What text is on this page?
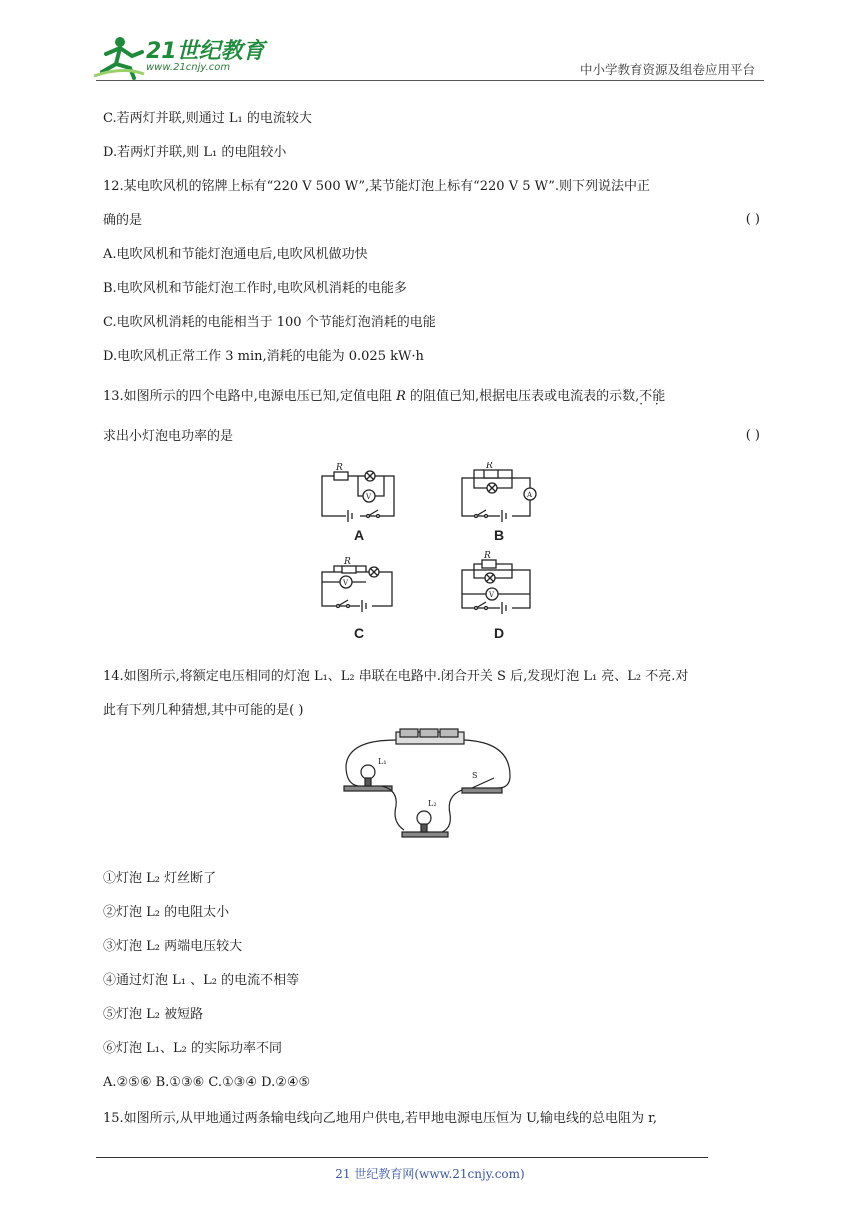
21世纪教育
www.21cnjy.com	中小学教育资源及组卷应用平台
C.若两灯并联,则通过 L₁ 的电流较大
D.若两灯并联,则 L₁ 的电阻较小
12.某电吹风机的铭牌上标有“220 V 500 W”,某节能灯泡上标有“220 V 5 W”.则下列说法中正
确的是	( )
A.电吹风机和节能灯泡通电后,电吹风机做功快
B.电吹风机和节能灯泡工作时,电吹风机消耗的电能多
C.电吹风机消耗的电能相当于 100 个节能灯泡消耗的电能
D.电吹风机正常工作 3 min,消耗的电能为 0.025 kW·h
13.如图所示的四个电路中,电源电压已知,定值电阻 R 的阻值已知,根据电压表或电流表的示数,不能 · ·
求出小灯泡电功率的是	( )
R
V
R
A
R
V
R
V
A	B
C	D
14.如图所示,将额定电压相同的灯泡 L₁、L₂ 串联在电路中.闭合开关 S 后,发现灯泡 L₁ 亮、L₂ 不亮.对
此有下列几种猜想,其中可能的是( )
L₁
L₂
S
①灯泡 L₂ 灯丝断了
②灯泡 L₂ 的电阻太小
③灯泡 L₂ 两端电压较大
④通过灯泡 L₁ 、L₂ 的电流不相等
⑤灯泡 L₂ 被短路
⑥灯泡 L₁、L₂ 的实际功率不同
A.②⑤⑥ B.①③⑥ C.①③④ D.②④⑤
15.如图所示,从甲地通过两条输电线向乙地用户供电,若甲地电源电压恒为 U,输电线的总电阻为 r,
21 世纪教育网(www.21cnjy.com)
